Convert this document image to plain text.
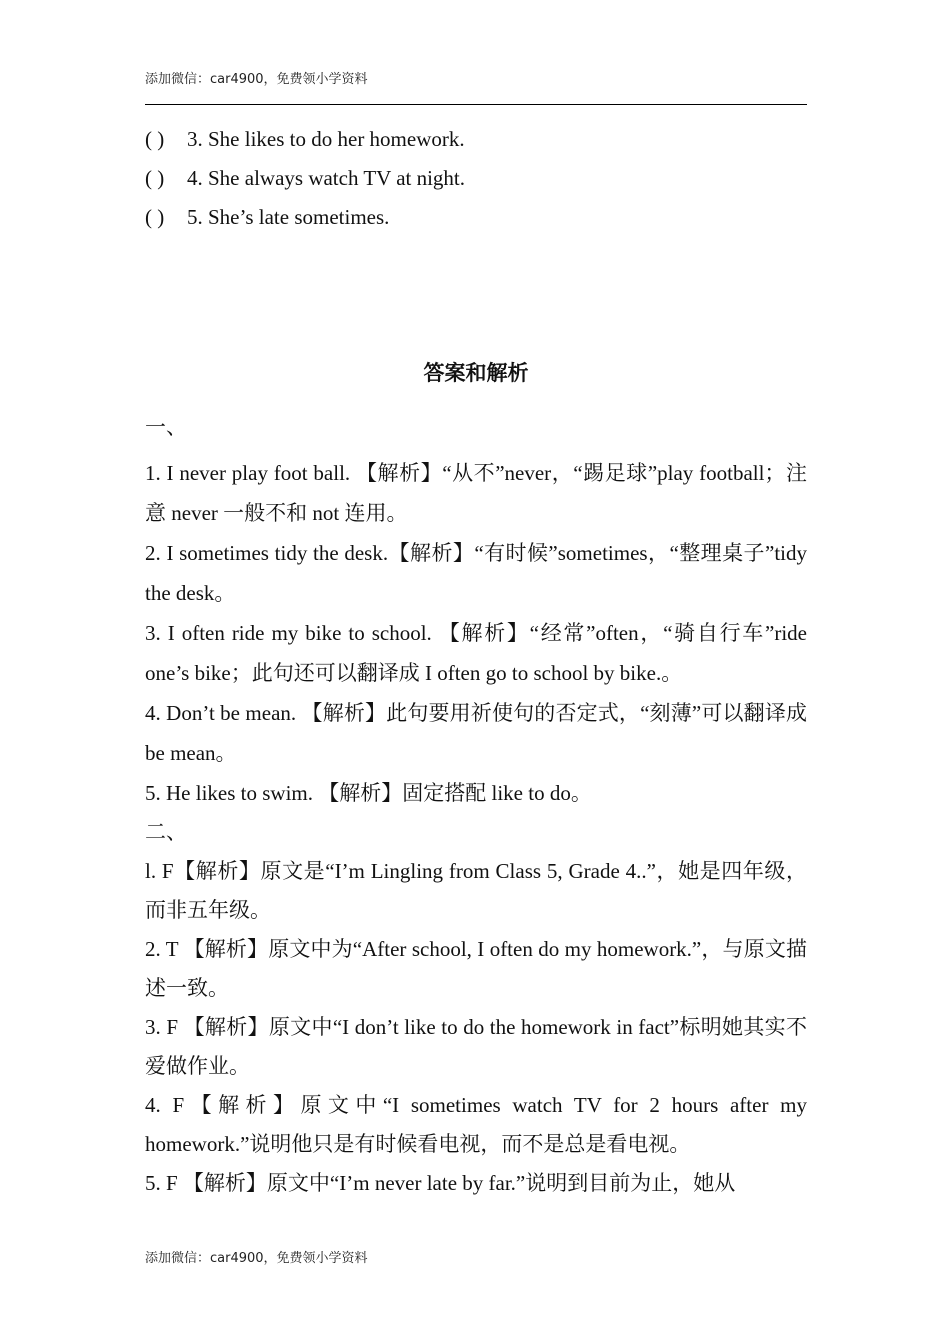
添加微信：car4900，免费领小学资料
( )	3. She likes to do her homework.
( )	4. She always watch TV at night.
( )	5. She’s late sometimes.
答案和解析
一、
1. I never play foot ball. 【解析】“从不”never，“踢足球”play football；注意 never 一般不和 not 连用。
2. I sometimes tidy the desk.【解析】“有时候”sometimes，“整理桌子”tidy the desk。
3. I often ride my bike to school. 【解析】“经常”often，“骑自行车”ride one’s bike；此句还可以翻译成 I often go to school by bike.。
4. Don’t be mean. 【解析】此句要用祈使句的否定式，“刻薄”可以翻译成 be mean。
5. He likes to swim. 【解析】固定搭配 like to do。
二、
l. F【解析】原文是“I’m Lingling from Class 5, Grade 4..”，她是四年级，而非五年级。
2. T 【解析】原文中为“After school, I often do my homework.”，与原文描述一致。
3. F 【解析】原文中“I don’t like to do the homework in fact”标明她其实不爱做作业。
4. F【解析】原文中“I sometimes watch TV for 2 hours after my homework.”说明他只是有时候看电视，而不是总是看电视。
5. F 【解析】原文中“I’m never late by far.”说明到目前为止，她从
添加微信：car4900，免费领小学资料
